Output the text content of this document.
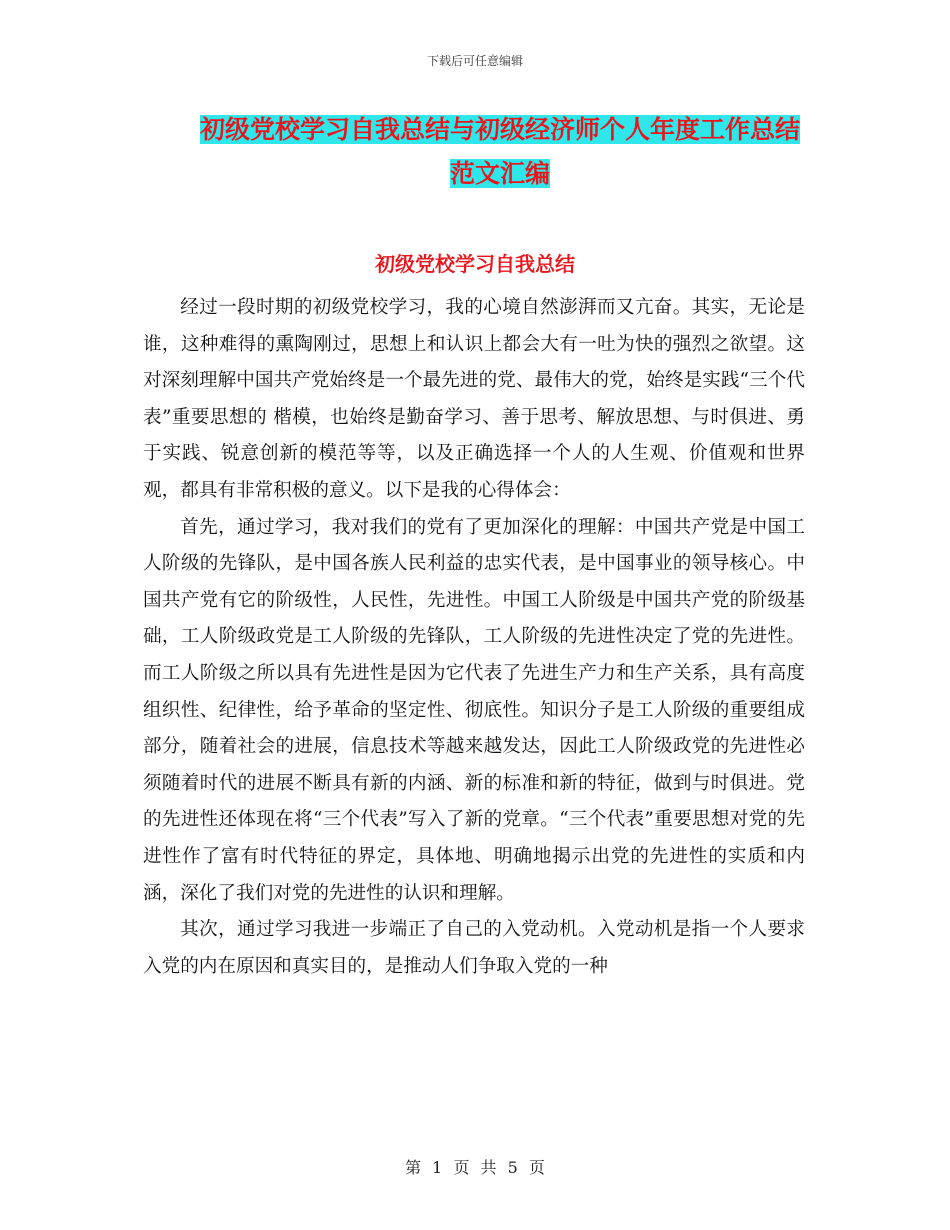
下载后可任意编辑
初级党校学习自我总结与初级经济师个人年度工作总结范文汇编
初级党校学习自我总结

经过一段时期的初级党校学习，我的心境自然澎湃而又亢奋。其实，无论是谁，这种难得的熏陶刚过，思想上和认识上都会大有一吐为快的强烈之欲望。这对深刻理解中国共产党始终是一个最先进的党、最伟大的党，始终是实践“三个代表”重要思想的 楷模，也始终是勤奋学习、善于思考、解放思想、与时俱进、勇于实践、锐意创新的模范等等，以及正确选择一个人的人生观、价值观和世界观，都具有非常积极的意义。以下是我的心得体会：

首先，通过学习，我对我们的党有了更加深化的理解：中国共产党是中国工人阶级的先锋队，是中国各族人民利益的忠实代表，是中国事业的领导核心。中国共产党有它的阶级性，人民性，先进性。中国工人阶级是中国共产党的阶级基础，工人阶级政党是工人阶级的先锋队，工人阶级的先进性决定了党的先进性。而工人阶级之所以具有先进性是因为它代表了先进生产力和生产关系，具有高度组织性、纪律性，给予革命的坚定性、彻底性。知识分子是工人阶级的重要组成部分，随着社会的进展，信息技术等越来越发达，因此工人阶级政党的先进性必须随着时代的进展不断具有新的内涵、新的标准和新的特征，做到与时俱进。党的先进性还体现在将“三个代表”写入了新的党章。“三个代表”重要思想对党的先进性作了富有时代特征的界定，具体地、明确地揭示出党的先进性的实质和内涵，深化了我们对党的先进性的认识和理解。

其次，通过学习我进一步端正了自己的入党动机。入党动机是指一个人要求入党的内在原因和真实目的，是推动人们争取入党的一种

第 1 页 共 5 页
